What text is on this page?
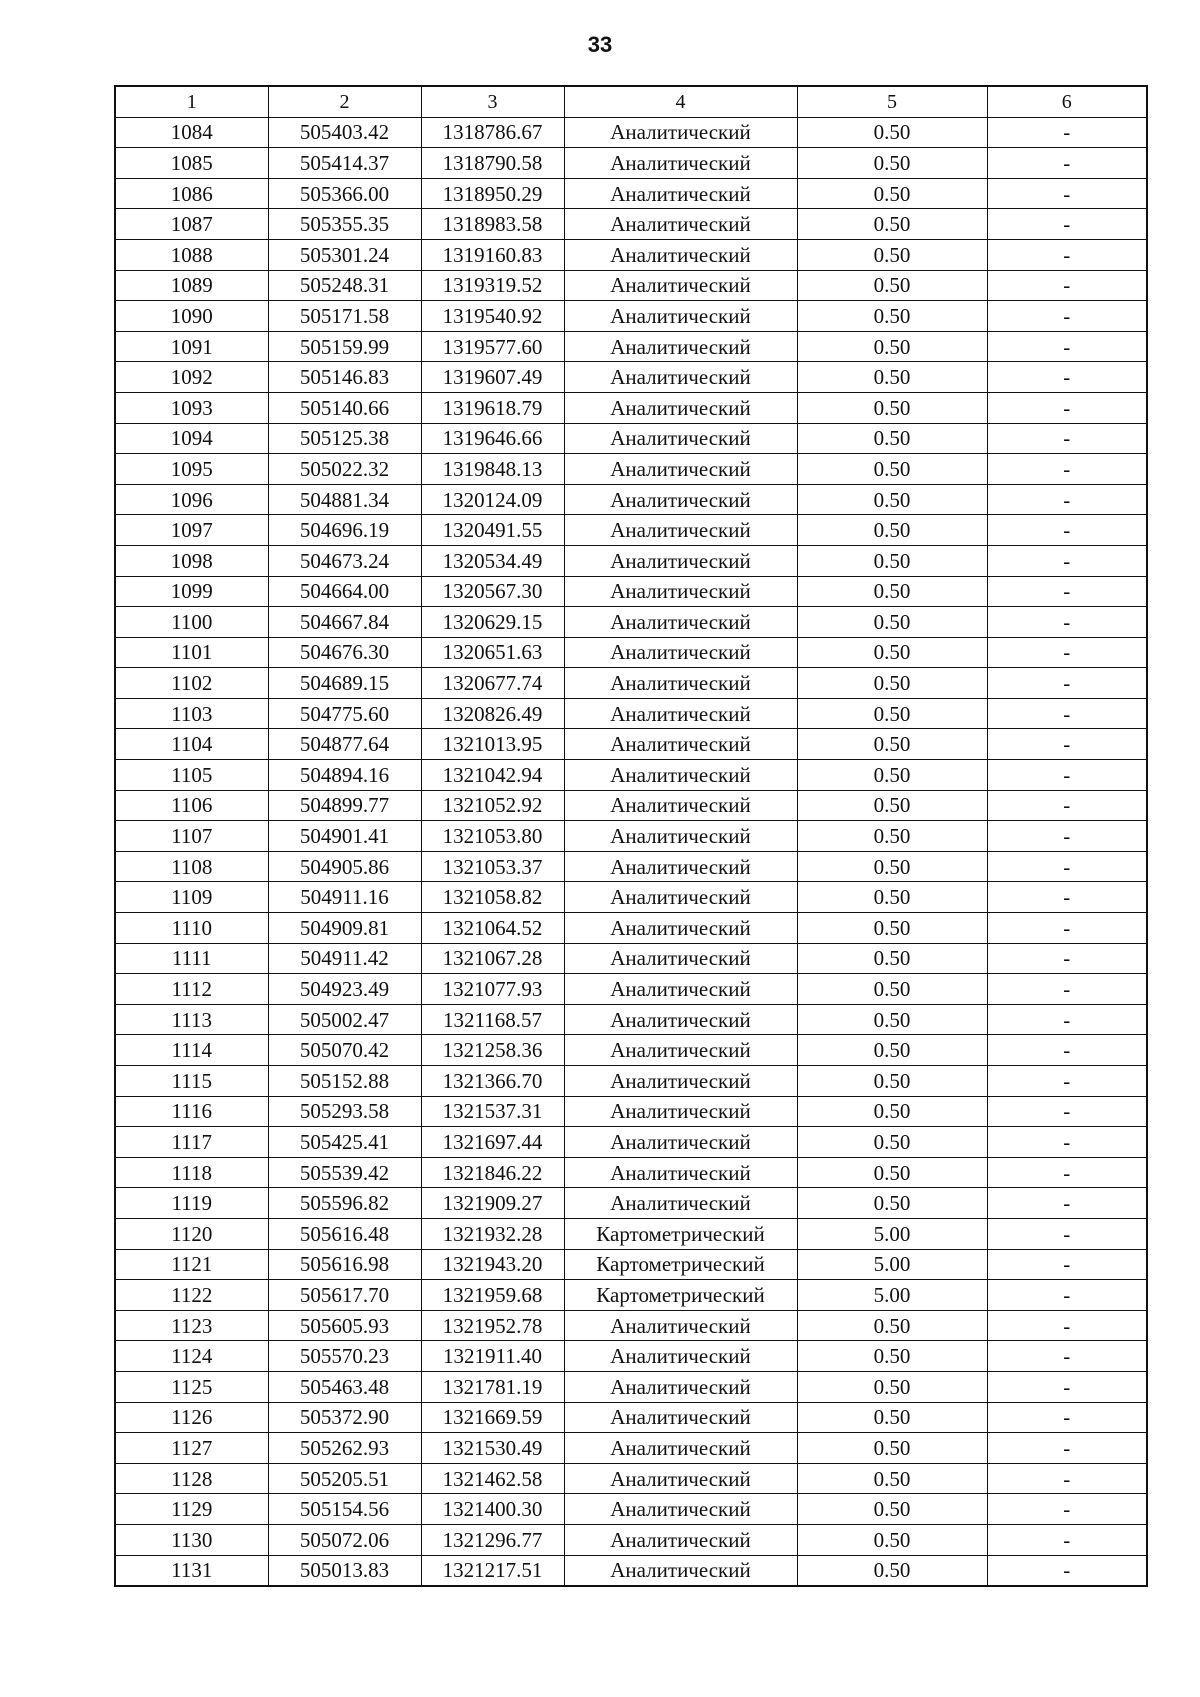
33
1	2	3	4	5	6
1084	505403.42	1318786.67	Аналитический	0.50	-
1085	505414.37	1318790.58	Аналитический	0.50	-
1086	505366.00	1318950.29	Аналитический	0.50	-
1087	505355.35	1318983.58	Аналитический	0.50	-
1088	505301.24	1319160.83	Аналитический	0.50	-
1089	505248.31	1319319.52	Аналитический	0.50	-
1090	505171.58	1319540.92	Аналитический	0.50	-
1091	505159.99	1319577.60	Аналитический	0.50	-
1092	505146.83	1319607.49	Аналитический	0.50	-
1093	505140.66	1319618.79	Аналитический	0.50	-
1094	505125.38	1319646.66	Аналитический	0.50	-
1095	505022.32	1319848.13	Аналитический	0.50	-
1096	504881.34	1320124.09	Аналитический	0.50	-
1097	504696.19	1320491.55	Аналитический	0.50	-
1098	504673.24	1320534.49	Аналитический	0.50	-
1099	504664.00	1320567.30	Аналитический	0.50	-
1100	504667.84	1320629.15	Аналитический	0.50	-
1101	504676.30	1320651.63	Аналитический	0.50	-
1102	504689.15	1320677.74	Аналитический	0.50	-
1103	504775.60	1320826.49	Аналитический	0.50	-
1104	504877.64	1321013.95	Аналитический	0.50	-
1105	504894.16	1321042.94	Аналитический	0.50	-
1106	504899.77	1321052.92	Аналитический	0.50	-
1107	504901.41	1321053.80	Аналитический	0.50	-
1108	504905.86	1321053.37	Аналитический	0.50	-
1109	504911.16	1321058.82	Аналитический	0.50	-
1110	504909.81	1321064.52	Аналитический	0.50	-
1111	504911.42	1321067.28	Аналитический	0.50	-
1112	504923.49	1321077.93	Аналитический	0.50	-
1113	505002.47	1321168.57	Аналитический	0.50	-
1114	505070.42	1321258.36	Аналитический	0.50	-
1115	505152.88	1321366.70	Аналитический	0.50	-
1116	505293.58	1321537.31	Аналитический	0.50	-
1117	505425.41	1321697.44	Аналитический	0.50	-
1118	505539.42	1321846.22	Аналитический	0.50	-
1119	505596.82	1321909.27	Аналитический	0.50	-
1120	505616.48	1321932.28	Картометрический	5.00	-
1121	505616.98	1321943.20	Картометрический	5.00	-
1122	505617.70	1321959.68	Картометрический	5.00	-
1123	505605.93	1321952.78	Аналитический	0.50	-
1124	505570.23	1321911.40	Аналитический	0.50	-
1125	505463.48	1321781.19	Аналитический	0.50	-
1126	505372.90	1321669.59	Аналитический	0.50	-
1127	505262.93	1321530.49	Аналитический	0.50	-
1128	505205.51	1321462.58	Аналитический	0.50	-
1129	505154.56	1321400.30	Аналитический	0.50	-
1130	505072.06	1321296.77	Аналитический	0.50	-
1131	505013.83	1321217.51	Аналитический	0.50	-
